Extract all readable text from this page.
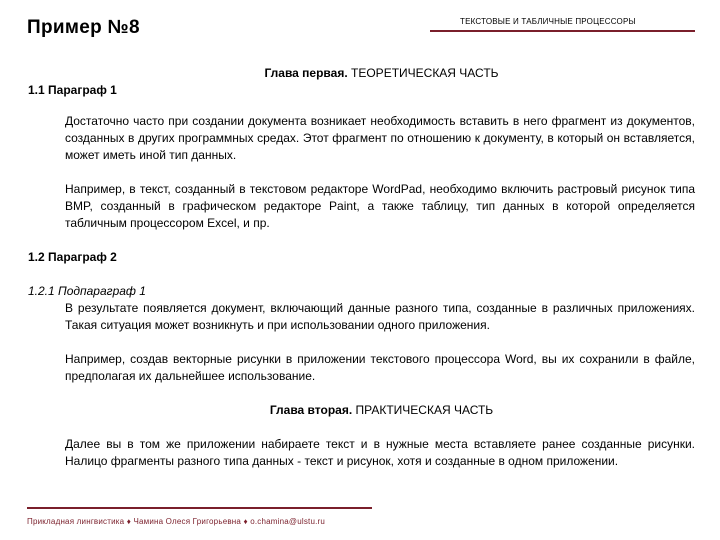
Пример №8	ТЕКСТОВЫЕ И ТАБЛИЧНЫЕ ПРОЦЕССОРЫ

Глава первая. ТЕОРЕТИЧЕСКАЯ ЧАСТЬ

1.1 Параграф 1

Достаточно часто при создании документа возникает необходимость вставить в него фрагмент из документов, созданных в других программных средах. Этот фрагмент по отношению к документу, в который он вставляется, может иметь иной тип данных.

Например, в текст, созданный в текстовом редакторе WordPad, необходимо включить растровый рисунок типа BMP, созданный в графическом редакторе Paint, а также таблицу, тип данных в которой определяется табличным процессором Excel, и пр.

1.2 Параграф 2

1.2.1 Подпараграф 1

В результате появляется документ, включающий данные разного типа, созданные в различных приложениях. Такая ситуация может возникнуть и при использовании одного приложения.

Например, создав векторные рисунки в приложении текстового процессора Word, вы их сохранили в файле, предполагая их дальнейшее использование.

Глава вторая. ПРАКТИЧЕСКАЯ ЧАСТЬ

Далее вы в том же приложении набираете текст и в нужные места вставляете ранее созданные рисунки. Налицо фрагменты разного типа данных - текст и рисунок, хотя и созданные в одном приложении.

Прикладная лингвистика ♦ Чамина Олеся Григорьевна ♦ o.chamina@ulstu.ru
